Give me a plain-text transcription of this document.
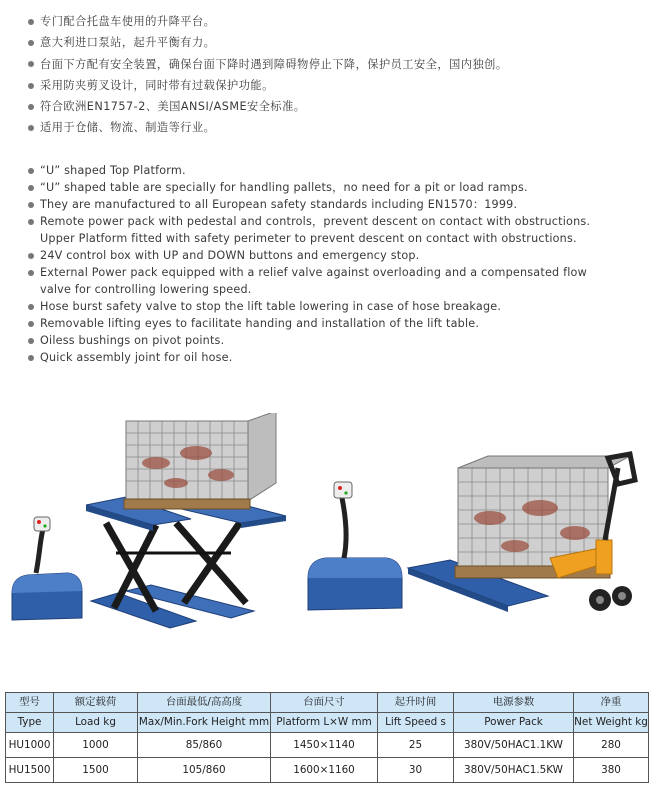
专门配合托盘车使用的升降平台。
意大利进口泵站，起升平衡有力。
台面下方配有安全装置，确保台面下降时遇到障碍物停止下降，保护员工安全，国内独创。
采用防夹剪叉设计，同时带有过载保护功能。
符合欧洲EN1757-2、美国ANSI/ASME安全标准。
适用于仓储、物流、制造等行业。
“U” shaped Top Platform.
“U” shaped table are specially for handling pallets，no need for a pit or load ramps.
They are manufactured to all European safety standards including EN1570：1999.
Remote power pack with pedestal and controls，prevent descent on contact with obstructions.
Upper Platform fitted with safety perimeter to prevent descent on contact with obstructions.
24V control box with UP and DOWN buttons and emergency stop.
External Power pack equipped with a relief valve against overloading and a compensated flow
valve for controlling lowering speed.
Hose burst safety valve to stop the lift table lowering in case of hose breakage.
Removable lifting eyes to facilitate handing and installation of the lift table.
Oiless bushings on pivot points.
Quick assembly joint for oil hose.
型号	额定载荷	台面最低/高高度	台面尺寸	起升时间	电源参数	净重
Type	Load kg	Max/Min.Fork Height mm	Platform L×W mm	Lift Speed s	Power Pack	Net Weight kg
HU1000	1000	85/860	1450×1140	25	380V/50HAC1.1KW	280
HU1500	1500	105/860	1600×1160	30	380V/50HAC1.5KW	380
